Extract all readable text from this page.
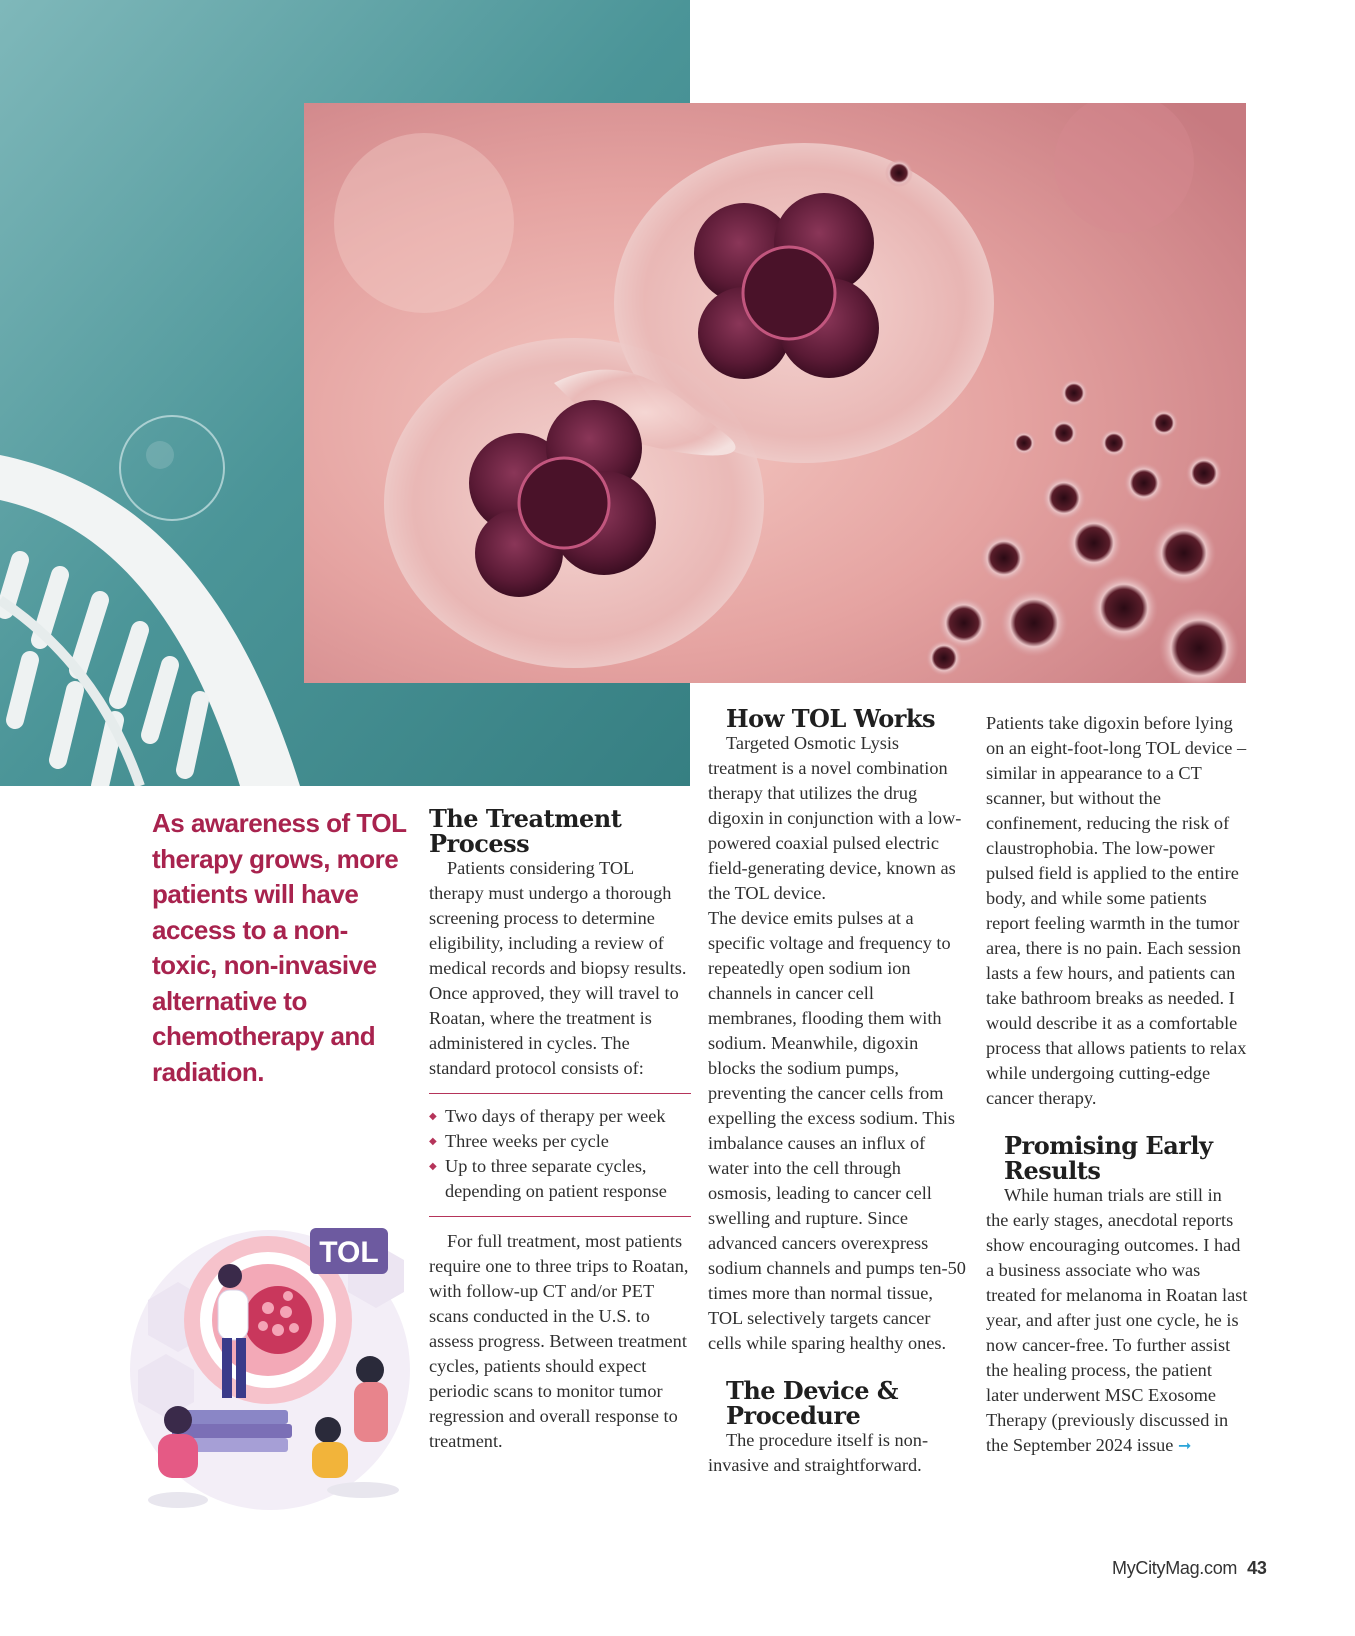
As awareness of TOL therapy grows, more patients will have access to a non-toxic, non-invasive alternative to chemotherapy and radiation.

TOL
The Treatment
Process

Patients considering TOL therapy must undergo a thorough screening process to determine eligibility, including a review of medical records and biopsy results. Once approved, they will travel to Roatan, where the treatment is administered in cycles. The standard protocol consists of:

◆ Two days of therapy per week
◆ Three weeks per cycle
◆ Up to three separate cycles, depending on patient response

For full treatment, most patients require one to three trips to Roatan, with follow-up CT and/or PET scans conducted in the U.S. to assess progress. Between treatment cycles, patients should expect periodic scans to monitor tumor regression and overall response to treatment.

How TOL Works

Targeted Osmotic Lysis treatment is a novel combination therapy that utilizes the drug digoxin in conjunction with a low-powered coaxial pulsed electric field-generating device, known as the TOL device.

The device emits pulses at a specific voltage and frequency to repeatedly open sodium ion channels in cancer cell membranes, flooding them with sodium. Meanwhile, digoxin blocks the sodium pumps, preventing the cancer cells from expelling the excess sodium. This imbalance causes an influx of water into the cell through osmosis, leading to cancer cell swelling and rupture. Since advanced cancers overexpress sodium channels and pumps ten-50 times more than normal tissue, TOL selectively targets cancer cells while sparing healthy ones.

The Device &
Procedure

The procedure itself is non-invasive and straightforward.

Patients take digoxin before lying on an eight-foot-long TOL device – similar in appearance to a CT scanner, but without the confinement, reducing the risk of claustrophobia. The low-power pulsed field is applied to the entire body, and while some patients report feeling warmth in the tumor area, there is no pain. Each session lasts a few hours, and patients can take bathroom breaks as needed. I would describe it as a comfortable process that allows patients to relax while undergoing cutting-edge cancer therapy.

Promising Early
Results

While human trials are still in the early stages, anecdotal reports show encouraging outcomes. I had a business associate who was treated for melanoma in Roatan last year, and after just one cycle, he is now cancer-free. To further assist the healing process, the patient later underwent MSC Exosome Therapy (previously discussed in the September 2024 issue ➞

MyCityMag.com 43
